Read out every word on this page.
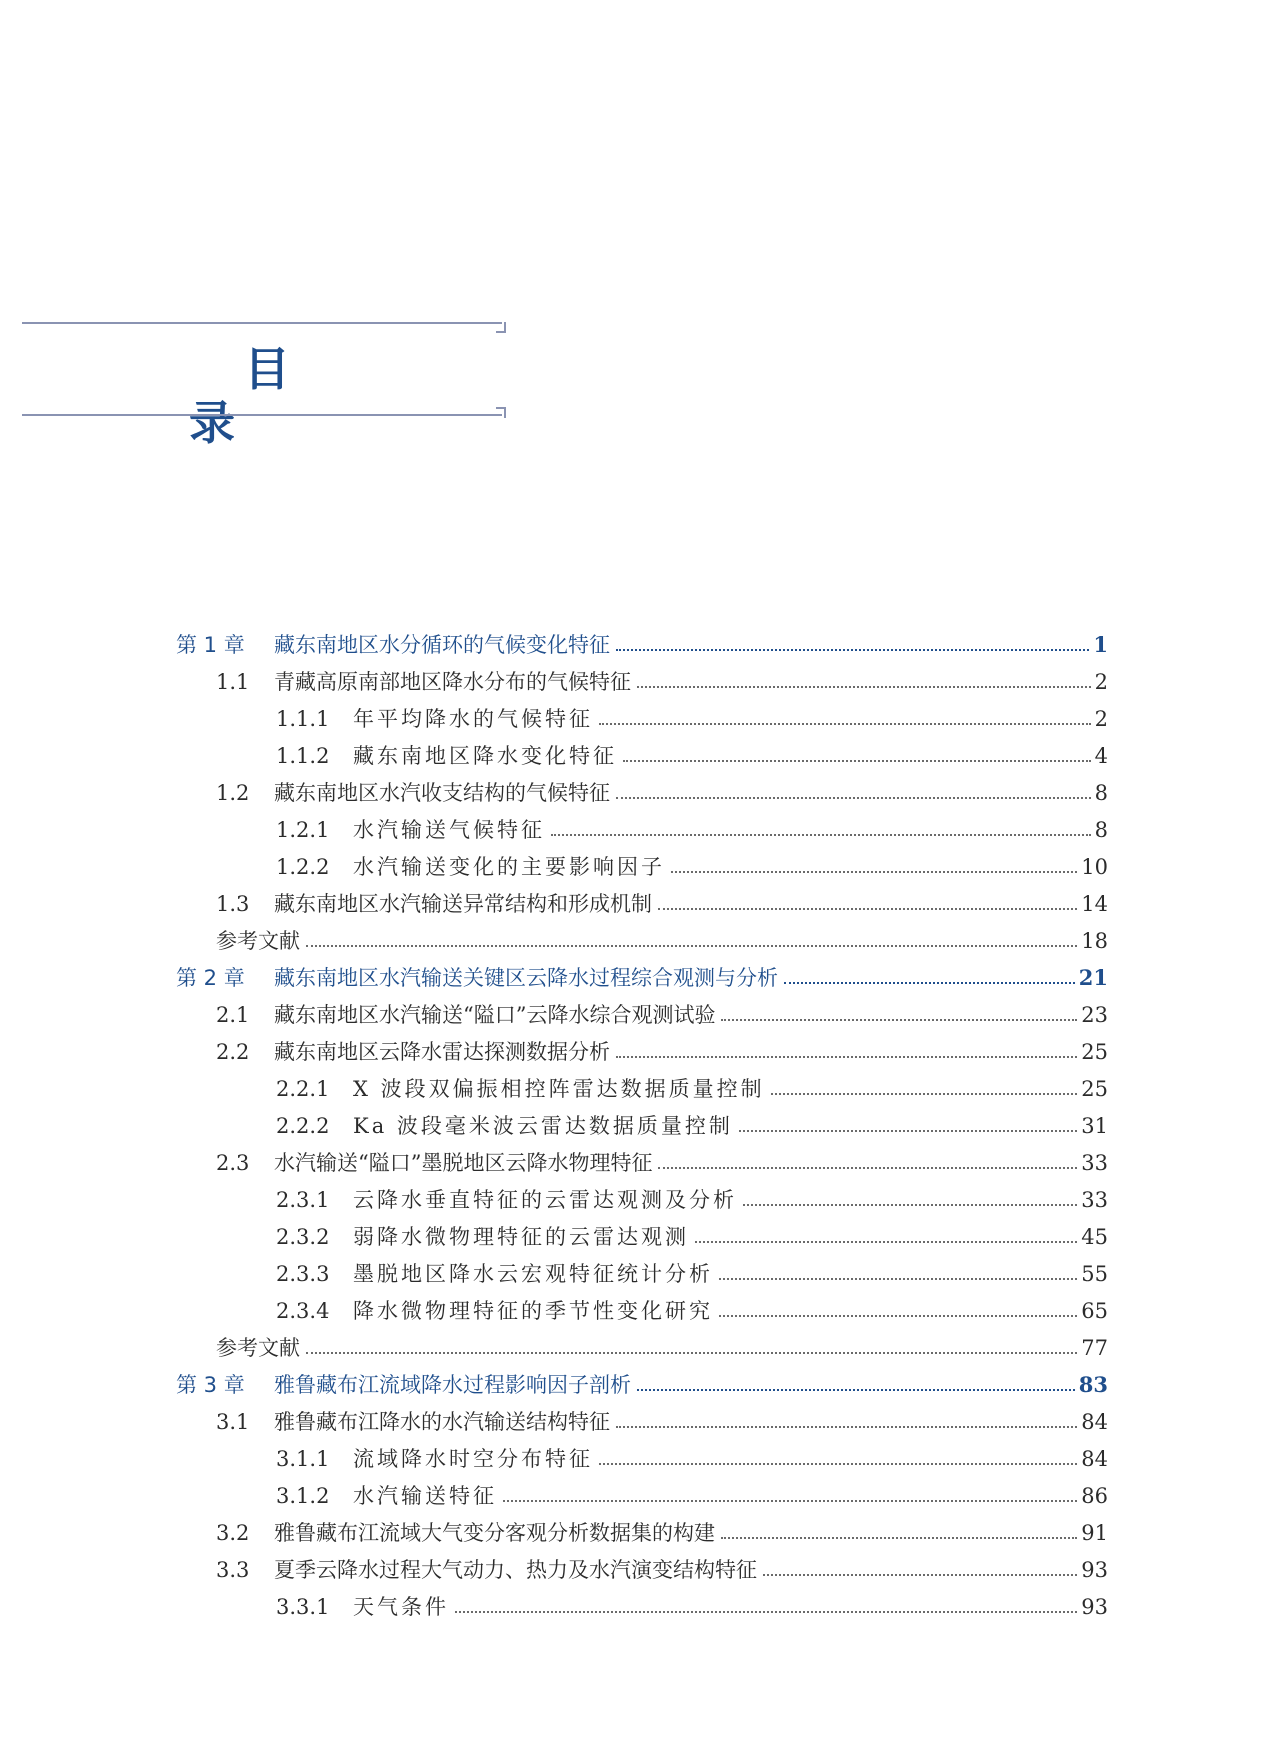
目 录
第 1 章	藏东南地区水分循环的气候变化特征	1
1.1	青藏高原南部地区降水分布的气候特征	2
1.1.1	年平均降水的气候特征	2
1.1.2	藏东南地区降水变化特征	4
1.2	藏东南地区水汽收支结构的气候特征	8
1.2.1	水汽输送气候特征	8
1.2.2	水汽输送变化的主要影响因子	10
1.3	藏东南地区水汽输送异常结构和形成机制	14
参考文献	18
第 2 章	藏东南地区水汽输送关键区云降水过程综合观测与分析	21
2.1	藏东南地区水汽输送“隘口”云降水综合观测试验	23
2.2	藏东南地区云降水雷达探测数据分析	25
2.2.1	X 波段双偏振相控阵雷达数据质量控制	25
2.2.2	Ka 波段毫米波云雷达数据质量控制	31
2.3	水汽输送“隘口”墨脱地区云降水物理特征	33
2.3.1	云降水垂直特征的云雷达观测及分析	33
2.3.2	弱降水微物理特征的云雷达观测	45
2.3.3	墨脱地区降水云宏观特征统计分析	55
2.3.4	降水微物理特征的季节性变化研究	65
参考文献	77
第 3 章	雅鲁藏布江流域降水过程影响因子剖析	83
3.1	雅鲁藏布江降水的水汽输送结构特征	84
3.1.1	流域降水时空分布特征	84
3.1.2	水汽输送特征	86
3.2	雅鲁藏布江流域大气变分客观分析数据集的构建	91
3.3	夏季云降水过程大气动力、热力及水汽演变结构特征	93
3.3.1	天气条件	93
